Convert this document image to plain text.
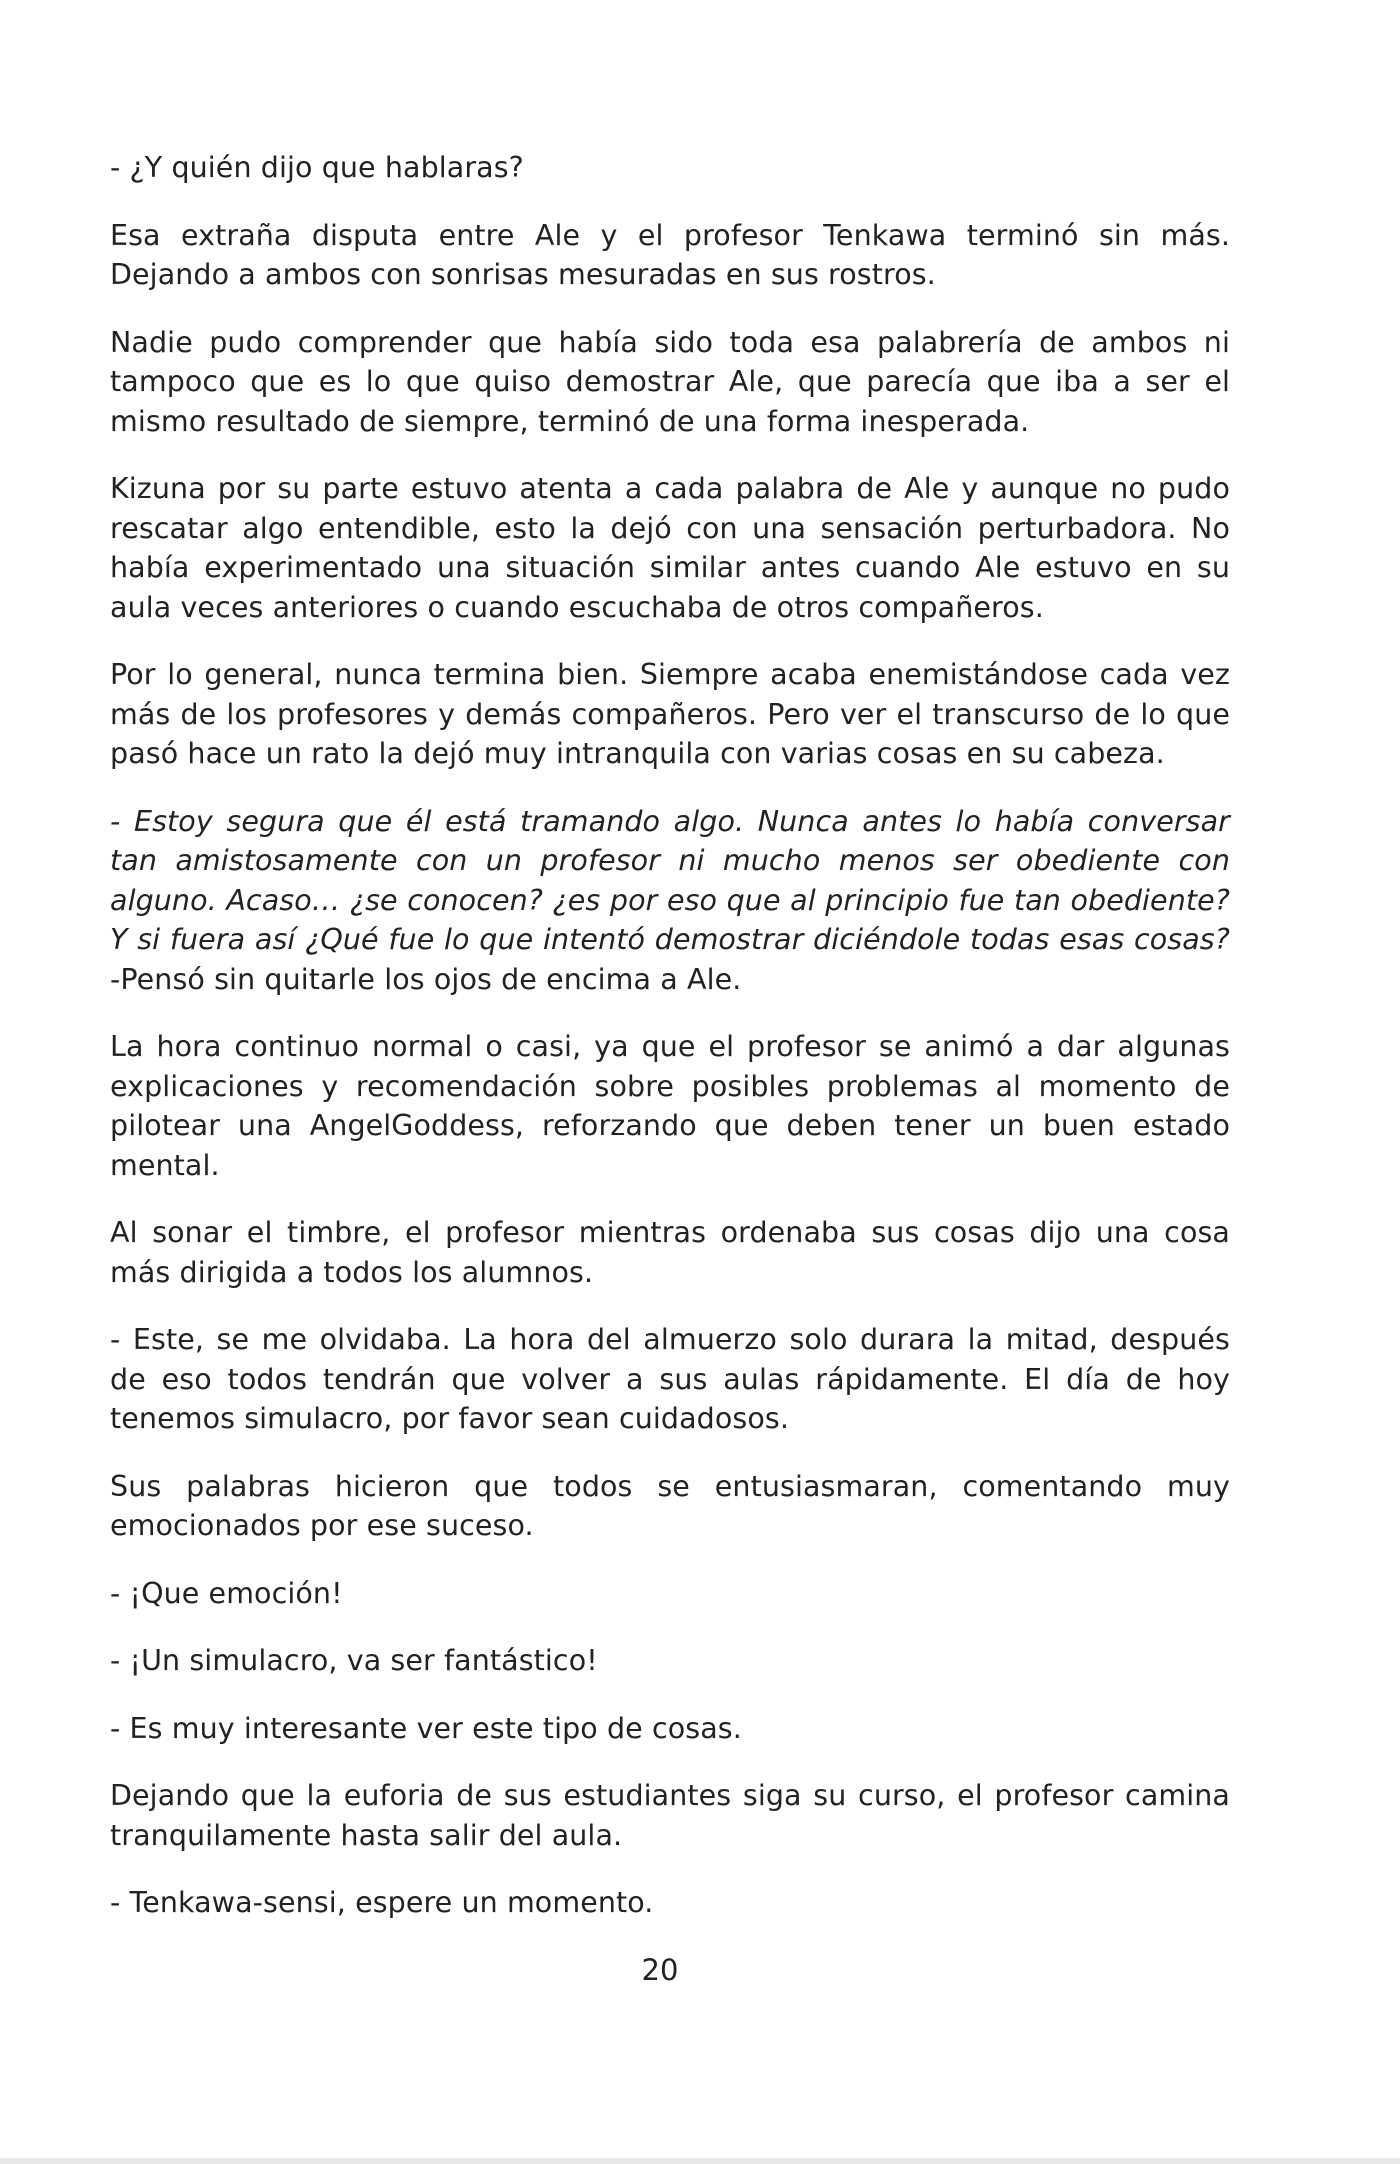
- ¿Y quién dijo que hablaras?

Esa extraña disputa entre Ale y el profesor Tenkawa terminó sin más. Dejando a ambos con sonrisas mesuradas en sus rostros.

Nadie pudo comprender que había sido toda esa palabrería de ambos ni tampoco que es lo que quiso demostrar Ale, que parecía que iba a ser el mismo resultado de siempre, terminó de una forma inesperada.

Kizuna por su parte estuvo atenta a cada palabra de Ale y aunque no pudo rescatar algo entendible, esto la dejó con una sensación perturbadora. No había experimentado una situación similar antes cuando Ale estuvo en su aula veces anteriores o cuando escuchaba de otros compañeros.

Por lo general, nunca termina bien. Siempre acaba enemistándose cada vez más de los profesores y demás compañeros. Pero ver el transcurso de lo que pasó hace un rato la dejó muy intranquila con varias cosas en su cabeza.

- Estoy segura que él está tramando algo. Nunca antes lo había conversar tan amistosamente con un profesor ni mucho menos ser obediente con alguno. Acaso… ¿se conocen? ¿es por eso que al principio fue tan obediente? Y si fuera así ¿Qué fue lo que intentó demostrar diciéndole todas esas cosas? -Pensó sin quitarle los ojos de encima a Ale.

La hora continuo normal o casi, ya que el profesor se animó a dar algunas explicaciones y recomendación sobre posibles problemas al momento de pilotear una AngelGoddess, reforzando que deben tener un buen estado mental.

Al sonar el timbre, el profesor mientras ordenaba sus cosas dijo una cosa más dirigida a todos los alumnos.

- Este, se me olvidaba. La hora del almuerzo solo durara la mitad, después de eso todos tendrán que volver a sus aulas rápidamente. El día de hoy tenemos simulacro, por favor sean cuidadosos.

Sus palabras hicieron que todos se entusiasmaran, comentando muy emocionados por ese suceso.

- ¡Que emoción!

- ¡Un simulacro, va ser fantástico!

- Es muy interesante ver este tipo de cosas.

Dejando que la euforia de sus estudiantes siga su curso, el profesor camina tranquilamente hasta salir del aula.

- Tenkawa-sensi, espere un momento.

20
